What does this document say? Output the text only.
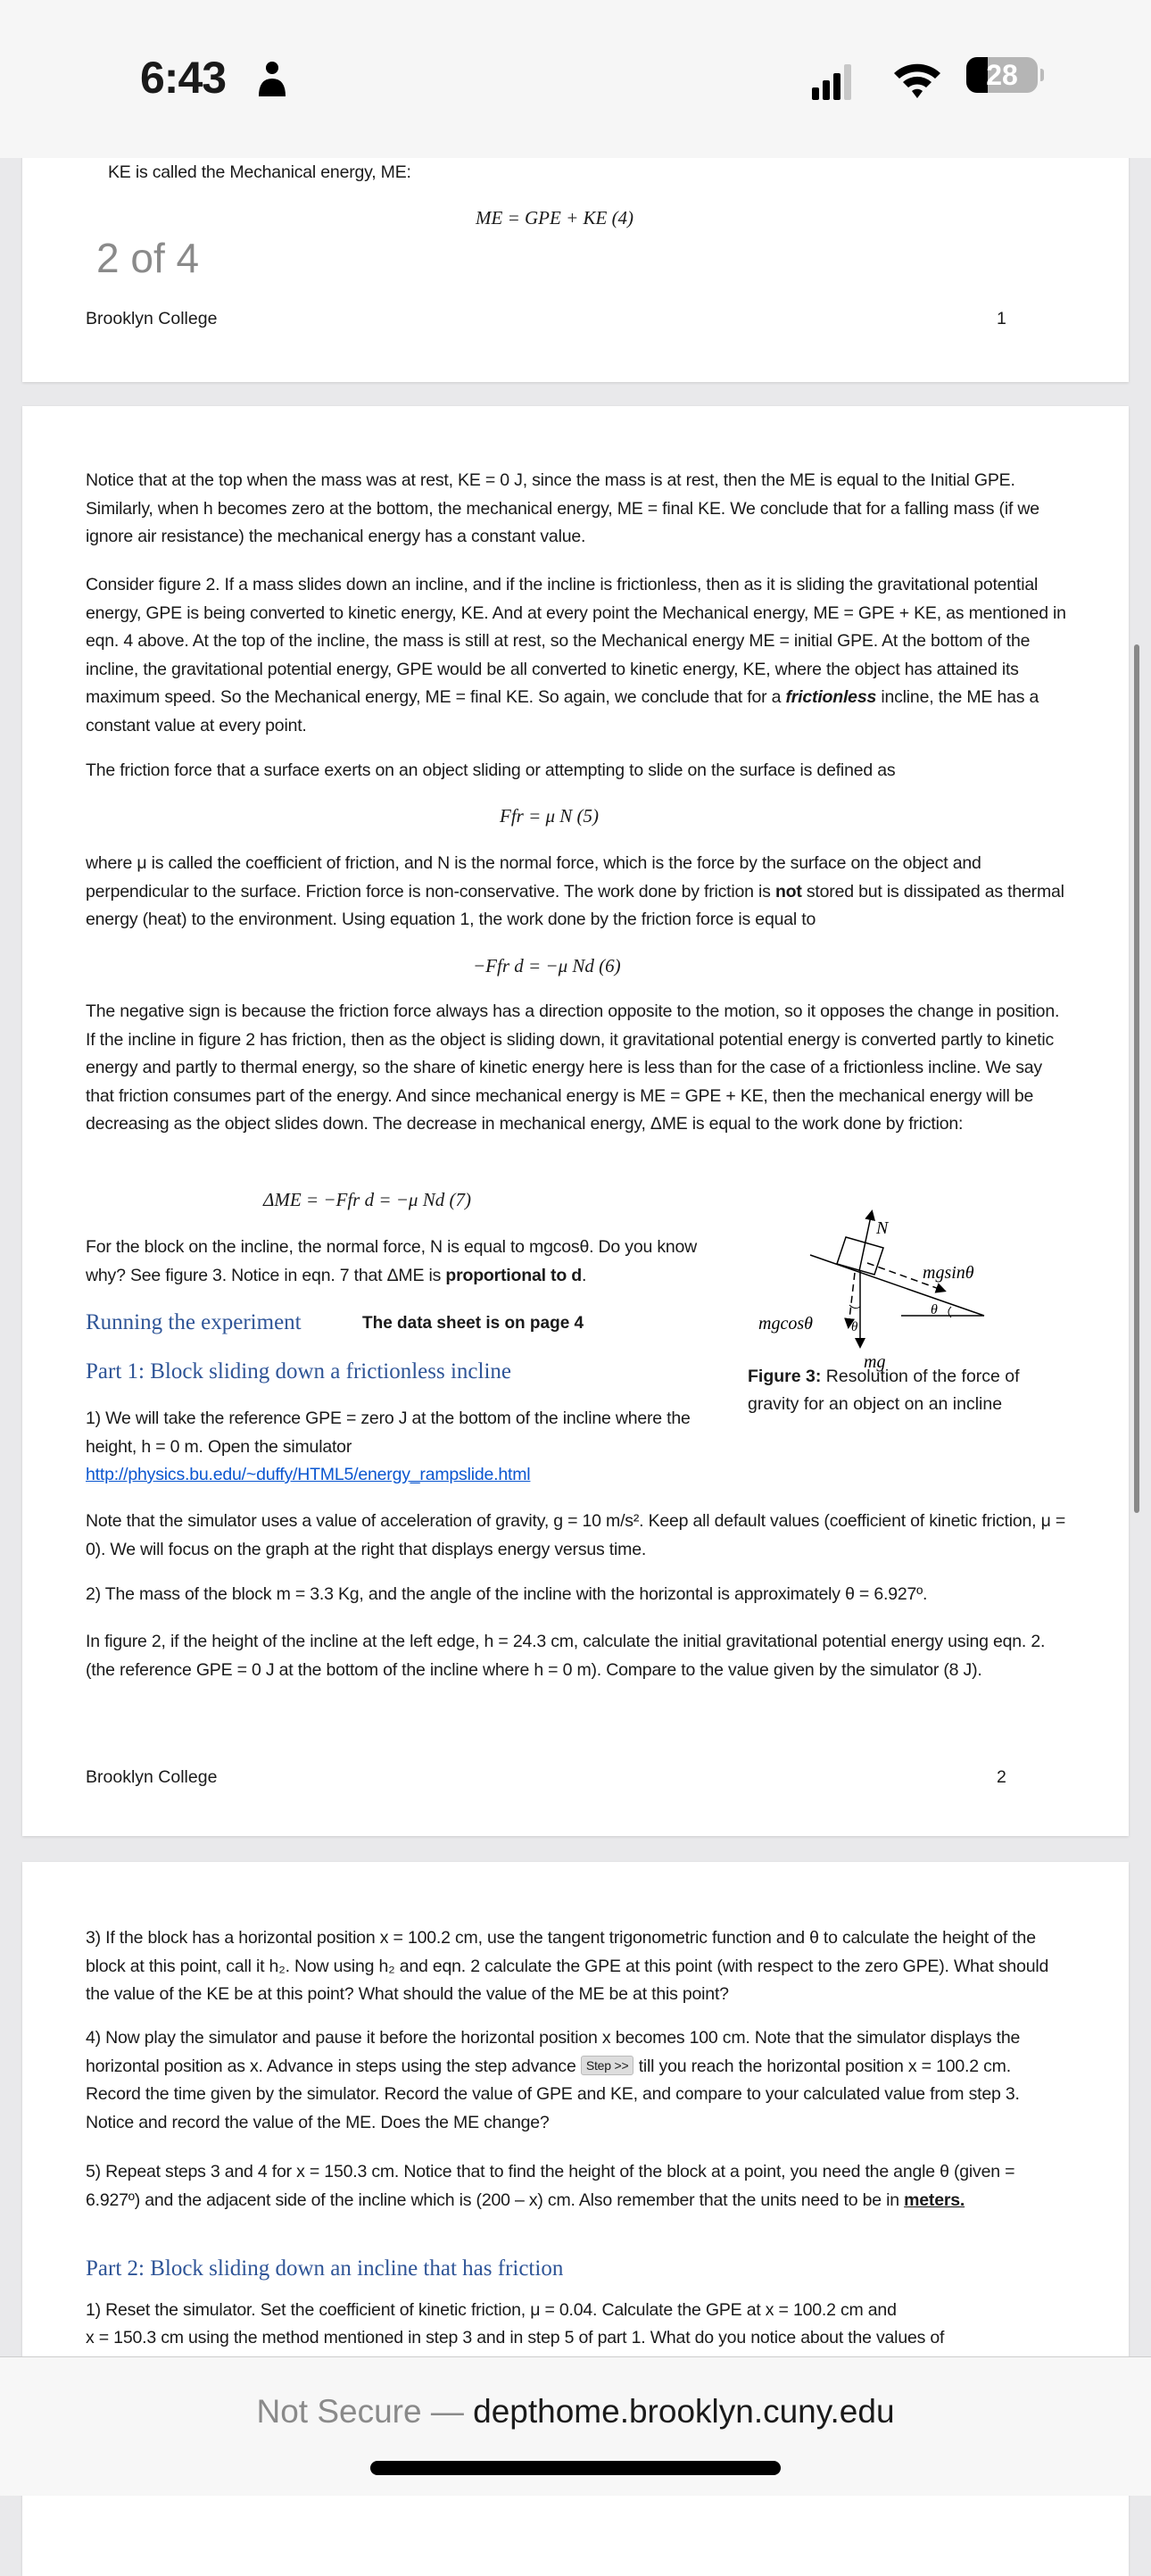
6:43	28
2 of 4
KE is called the Mechanical energy, ME:
ME = GPE + KE (4)
Brooklyn College	1
Notice that at the top when the mass was at rest, KE = 0 J, since the mass is at rest, then the ME is equal to the Initial GPE. Similarly, when h becomes zero at the bottom, the mechanical energy, ME = final KE. We conclude that for a falling mass (if we ignore air resistance) the mechanical energy has a constant value.
Consider figure 2. If a mass slides down an incline, and if the incline is frictionless, then as it is sliding the gravitational potential energy, GPE is being converted to kinetic energy, KE. And at every point the Mechanical energy, ME = GPE + KE, as mentioned in eqn. 4 above. At the top of the incline, the mass is still at rest, so the Mechanical energy ME = initial GPE. At the bottom of the incline, the gravitational potential energy, GPE would be all converted to kinetic energy, KE, where the object has attained its maximum speed. So the Mechanical energy, ME = final KE. So again, we conclude that for a frictionless incline, the ME has a constant value at every point.
The friction force that a surface exerts on an object sliding or attempting to slide on the surface is defined as
Ffr = μ N (5)
where μ is called the coefficient of friction, and N is the normal force, which is the force by the surface on the object and perpendicular to the surface. Friction force is non-conservative. The work done by friction is not stored but is dissipated as thermal energy (heat) to the environment. Using equation 1, the work done by the friction force is equal to
−Ffr d = −μ Nd (6)
The negative sign is because the friction force always has a direction opposite to the motion, so it opposes the change in position. If the incline in figure 2 has friction, then as the object is sliding down, it gravitational potential energy is converted partly to kinetic energy and partly to thermal energy, so the share of kinetic energy here is less than for the case of a frictionless incline. We say that friction consumes part of the energy. And since mechanical energy is ME = GPE + KE, then the mechanical energy will be decreasing as the object slides down. The decrease in mechanical energy, ΔME is equal to the work done by friction:
ΔME = −Ffr d = −μ Nd (7)
For the block on the incline, the normal force, N is equal to mgcosθ. Do you know why? See figure 3. Notice in eqn. 7 that ΔME is proportional to d.
Running the experiment	The data sheet is on page 4
Part 1: Block sliding down a frictionless incline
1) We will take the reference GPE = zero J at the bottom of the incline where the height, h = 0 m. Open the simulator http://physics.bu.edu/~duffy/HTML5/energy_rampslide.html
N
mgsinθ
mgcosθ	θ
θ
mg
Figure 3: Resolution of the force of gravity for an object on an incline
Note that the simulator uses a value of acceleration of gravity, g = 10 m/s². Keep all default values (coefficient of kinetic friction, μ = 0). We will focus on the graph at the right that displays energy versus time.
2) The mass of the block m = 3.3 Kg, and the angle of the incline with the horizontal is approximately θ = 6.927º.
In figure 2, if the height of the incline at the left edge, h = 24.3 cm, calculate the initial gravitational potential energy using eqn. 2. (the reference GPE = 0 J at the bottom of the incline where h = 0 m). Compare to the value given by the simulator (8 J).
Brooklyn College	2
3) If the block has a horizontal position x = 100.2 cm, use the tangent trigonometric function and θ to calculate the height of the block at this point, call it h₂. Now using h₂ and eqn. 2 calculate the GPE at this point (with respect to the zero GPE). What should the value of the KE be at this point? What should the value of the ME be at this point?
4) Now play the simulator and pause it before the horizontal position x becomes 100 cm. Note that the simulator displays the horizontal position as x. Advance in steps using the step advance Step >> till you reach the horizontal position x = 100.2 cm. Record the time given by the simulator. Record the value of GPE and KE, and compare to your calculated value from step 3. Notice and record the value of the ME. Does the ME change?
5) Repeat steps 3 and 4 for x = 150.3 cm. Notice that to find the height of the block at a point, you need the angle θ (given = 6.927º) and the adjacent side of the incline which is (200 – x) cm. Also remember that the units need to be in meters.
Part 2: Block sliding down an incline that has friction
1) Reset the simulator. Set the coefficient of kinetic friction, μ = 0.04. Calculate the GPE at x = 100.2 cm and
x = 150.3 cm using the method mentioned in step 3 and in step 5 of part 1. What do you notice about the values of
Not Secure — depthome.brooklyn.cuny.edu
